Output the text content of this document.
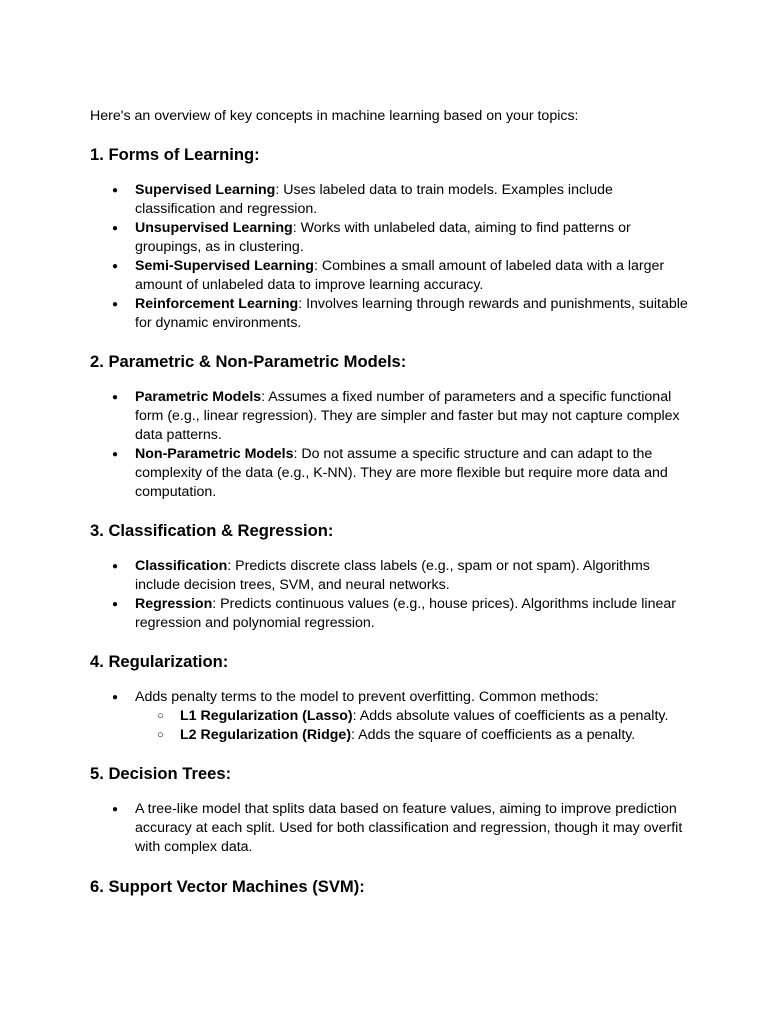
Here's an overview of key concepts in machine learning based on your topics:

1. Forms of Learning:
● Supervised Learning: Uses labeled data to train models. Examples include classification and regression.
● Unsupervised Learning: Works with unlabeled data, aiming to find patterns or groupings, as in clustering.
● Semi-Supervised Learning: Combines a small amount of labeled data with a larger amount of unlabeled data to improve learning accuracy.
● Reinforcement Learning: Involves learning through rewards and punishments, suitable for dynamic environments.
2. Parametric & Non-Parametric Models:
● Parametric Models: Assumes a fixed number of parameters and a specific functional form (e.g., linear regression). They are simpler and faster but may not capture complex data patterns.
● Non-Parametric Models: Do not assume a specific structure and can adapt to the complexity of the data (e.g., K-NN). They are more flexible but require more data and computation.
3. Classification & Regression:
● Classification: Predicts discrete class labels (e.g., spam or not spam). Algorithms include decision trees, SVM, and neural networks.
● Regression: Predicts continuous values (e.g., house prices). Algorithms include linear regression and polynomial regression.
4. Regularization:
● Adds penalty terms to the model to prevent overfitting. Common methods:
○ L1 Regularization (Lasso): Adds absolute values of coefficients as a penalty.
○ L2 Regularization (Ridge): Adds the square of coefficients as a penalty.
5. Decision Trees:
● A tree-like model that splits data based on feature values, aiming to improve prediction accuracy at each split. Used for both classification and regression, though it may overfit with complex data.
6. Support Vector Machines (SVM):
